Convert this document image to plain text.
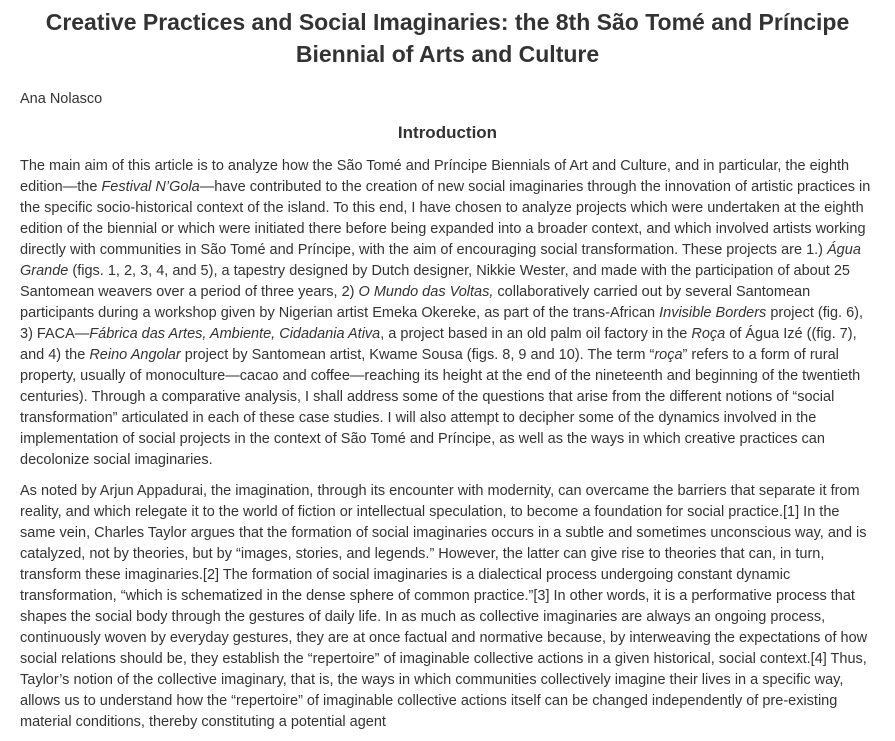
Creative Practices and Social Imaginaries: the 8th São Tomé and Príncipe Biennial of Arts and Culture
Ana Nolasco
Introduction

The main aim of this article is to analyze how the São Tomé and Príncipe Biennials of Art and Culture, and in particular, the eighth edition—the Festival N’Gola—have contributed to the creation of new social imaginaries through the innovation of artistic practices in the specific socio-historical context of the island. To this end, I have chosen to analyze projects which were undertaken at the eighth edition of the biennial or which were initiated there before being expanded into a broader context, and which involved artists working directly with communities in São Tomé and Príncipe, with the aim of encouraging social transformation. These projects are 1.) Água Grande (figs. 1, 2, 3, 4, and 5), a tapestry designed by Dutch designer, Nikkie Wester, and made with the participation of about 25 Santomean weavers over a period of three years, 2) O Mundo das Voltas, collaboratively carried out by several Santomean participants during a workshop given by Nigerian artist Emeka Okereke, as part of the trans-African Invisible Borders project (fig. 6), 3) FACA—Fábrica das Artes, Ambiente, Cidadania Ativa, a project based in an old palm oil factory in the Roça of Água Izé ((fig. 7), and 4) the Reino Angolar project by Santomean artist, Kwame Sousa (figs. 8, 9 and 10). The term “roça” refers to a form of rural property, usually of monoculture—cacao and coffee—reaching its height at the end of the nineteenth and beginning of the twentieth centuries). Through a comparative analysis, I shall address some of the questions that arise from the different notions of “social transformation” articulated in each of these case studies. I will also attempt to decipher some of the dynamics involved in the implementation of social projects in the context of São Tomé and Príncipe, as well as the ways in which creative practices can decolonize social imaginaries.

As noted by Arjun Appadurai, the imagination, through its encounter with modernity, can overcame the barriers that separate it from reality, and which relegate it to the world of fiction or intellectual speculation, to become a foundation for social practice.[1] In the same vein, Charles Taylor argues that the formation of social imaginaries occurs in a subtle and sometimes unconscious way, and is catalyzed, not by theories, but by “images, stories, and legends.” However, the latter can give rise to theories that can, in turn, transform these imaginaries.[2] The formation of social imaginaries is a dialectical process undergoing constant dynamic transformation, “which is schematized in the dense sphere of common practice.”[3] In other words, it is a performative process that shapes the social body through the gestures of daily life. In as much as collective imaginaries are always an ongoing process, continuously woven by everyday gestures, they are at once factual and normative because, by interweaving the expectations of how social relations should be, they establish the “repertoire” of imaginable collective actions in a given historical, social context.[4] Thus, Taylor’s notion of the collective imaginary, that is, the ways in which communities collectively imagine their lives in a specific way, allows us to understand how the “repertoire” of imaginable collective actions itself can be changed independently of pre-existing material conditions, thereby constituting a potential agent
